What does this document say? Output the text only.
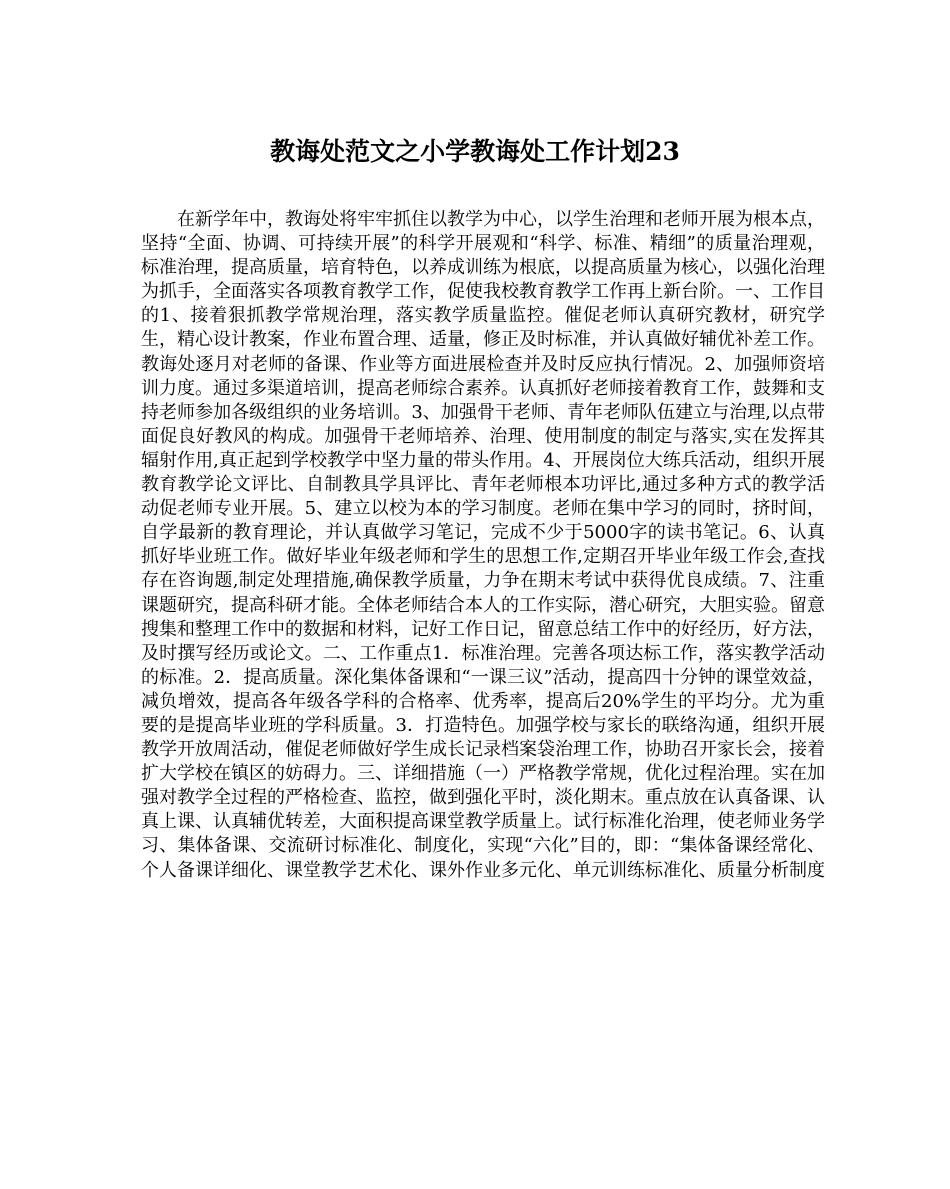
教诲处范文之小学教诲处工作计划23

在新学年中，教诲处将牢牢抓住以教学为中心，以学生治理和老师开展为根本点，坚持“全面、协调、可持续开展”的科学开展观和“科学、标准、精细”的质量治理观，标准治理，提高质量，培育特色，以养成训练为根底，以提高质量为核心，以强化治理为抓手，全面落实各项教育教学工作，促使我校教育教学工作再上新台阶。一、工作目的1、接着狠抓教学常规治理，落实教学质量监控。催促老师认真研究教材，研究学生，精心设计教案，作业布置合理、适量，修正及时标准，并认真做好辅优补差工作。教诲处逐月对老师的备课、作业等方面进展检查并及时反应执行情况。2、加强师资培训力度。通过多渠道培训，提高老师综合素养。认真抓好老师接着教育工作，鼓舞和支持老师参加各级组织的业务培训。3、加强骨干老师、青年老师队伍建立与治理,以点带面促良好教风的构成。加强骨干老师培养、治理、使用制度的制定与落实,实在发挥其辐射作用,真正起到学校教学中坚力量的带头作用。4、开展岗位大练兵活动，组织开展教育教学论文评比、自制教具学具评比、青年老师根本功评比,通过多种方式的教学活动促老师专业开展。5、建立以校为本的学习制度。老师在集中学习的同时，挤时间，自学最新的教育理论，并认真做学习笔记，完成不少于5000字的读书笔记。6、认真抓好毕业班工作。做好毕业年级老师和学生的思想工作,定期召开毕业年级工作会,查找存在咨询题,制定处理措施,确保教学质量，力争在期末考试中获得优良成绩。7、注重课题研究，提高科研才能。全体老师结合本人的工作实际，潜心研究，大胆实验。留意搜集和整理工作中的数据和材料，记好工作日记，留意总结工作中的好经历，好方法，及时撰写经历或论文。二、工作重点1．标准治理。完善各项达标工作，落实教学活动的标准。2．提高质量。深化集体备课和“一课三议”活动，提高四十分钟的课堂效益，减负增效，提高各年级各学科的合格率、优秀率，提高后20%学生的平均分。尤为重要的是提高毕业班的学科质量。3．打造特色。加强学校与家长的联络沟通，组织开展教学开放周活动，催促老师做好学生成长记录档案袋治理工作，协助召开家长会，接着扩大学校在镇区的妨碍力。三、详细措施（一）严格教学常规，优化过程治理。实在加强对教学全过程的严格检查、监控，做到强化平时，淡化期末。重点放在认真备课、认真上课、认真辅优转差，大面积提高课堂教学质量上。试行标准化治理，使老师业务学习、集体备课、交流研讨标准化、制度化，实现“六化”目的，即：“集体备课经常化、个人备课详细化、课堂教学艺术化、课外作业多元化、单元训练标准化、质量分析制度
